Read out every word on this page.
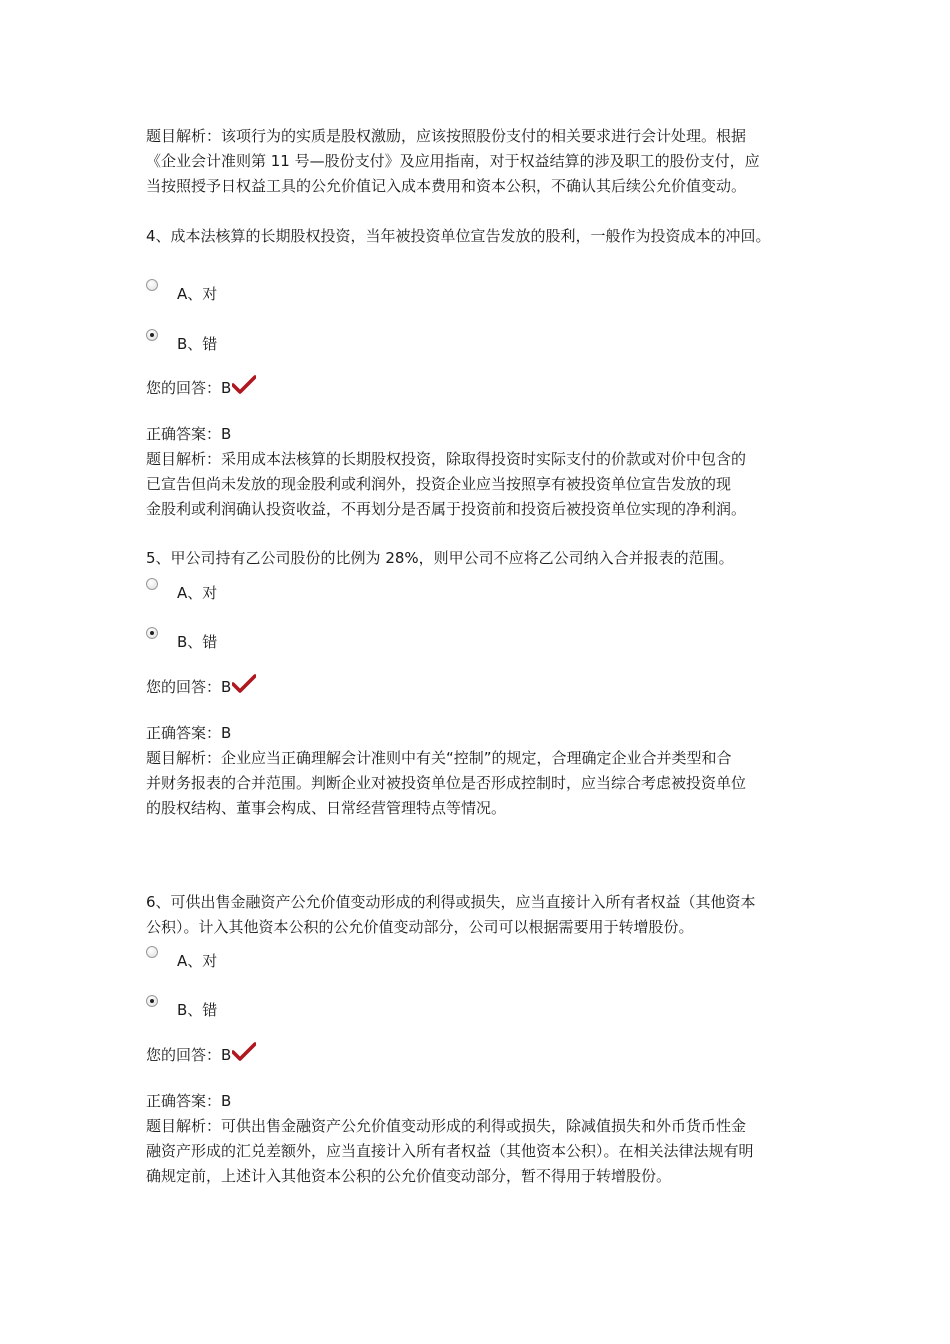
题目解析：该项行为的实质是股权激励，应该按照股份支付的相关要求进行会计处理。根据
《企业会计准则第 11 号—股份支付》及应用指南，对于权益结算的涉及职工的股份支付，应
当按照授予日权益工具的公允价值记入成本费用和资本公积，不确认其后续公允价值变动。
4、成本法核算的长期股权投资，当年被投资单位宣告发放的股利，一般作为投资成本的冲回。
A、对
B、错
您的回答：B
正确答案：B
题目解析：采用成本法核算的长期股权投资，除取得投资时实际支付的价款或对价中包含的
已宣告但尚未发放的现金股利或利润外，投资企业应当按照享有被投资单位宣告发放的现
金股利或利润确认投资收益，不再划分是否属于投资前和投资后被投资单位实现的净利润。
5、甲公司持有乙公司股份的比例为 28%，则甲公司不应将乙公司纳入合并报表的范围。
A、对
B、错
您的回答：B
正确答案：B
题目解析：企业应当正确理解会计准则中有关“控制”的规定，合理确定企业合并类型和合
并财务报表的合并范围。判断企业对被投资单位是否形成控制时，应当综合考虑被投资单位
的股权结构、董事会构成、日常经营管理特点等情况。
6、可供出售金融资产公允价值变动形成的利得或损失，应当直接计入所有者权益（其他资本
公积）。计入其他资本公积的公允价值变动部分，公司可以根据需要用于转增股份。
A、对
B、错
您的回答：B
正确答案：B
题目解析：可供出售金融资产公允价值变动形成的利得或损失，除减值损失和外币货币性金
融资产形成的汇兑差额外，应当直接计入所有者权益（其他资本公积）。在相关法律法规有明
确规定前，上述计入其他资本公积的公允价值变动部分，暂不得用于转增股份。
